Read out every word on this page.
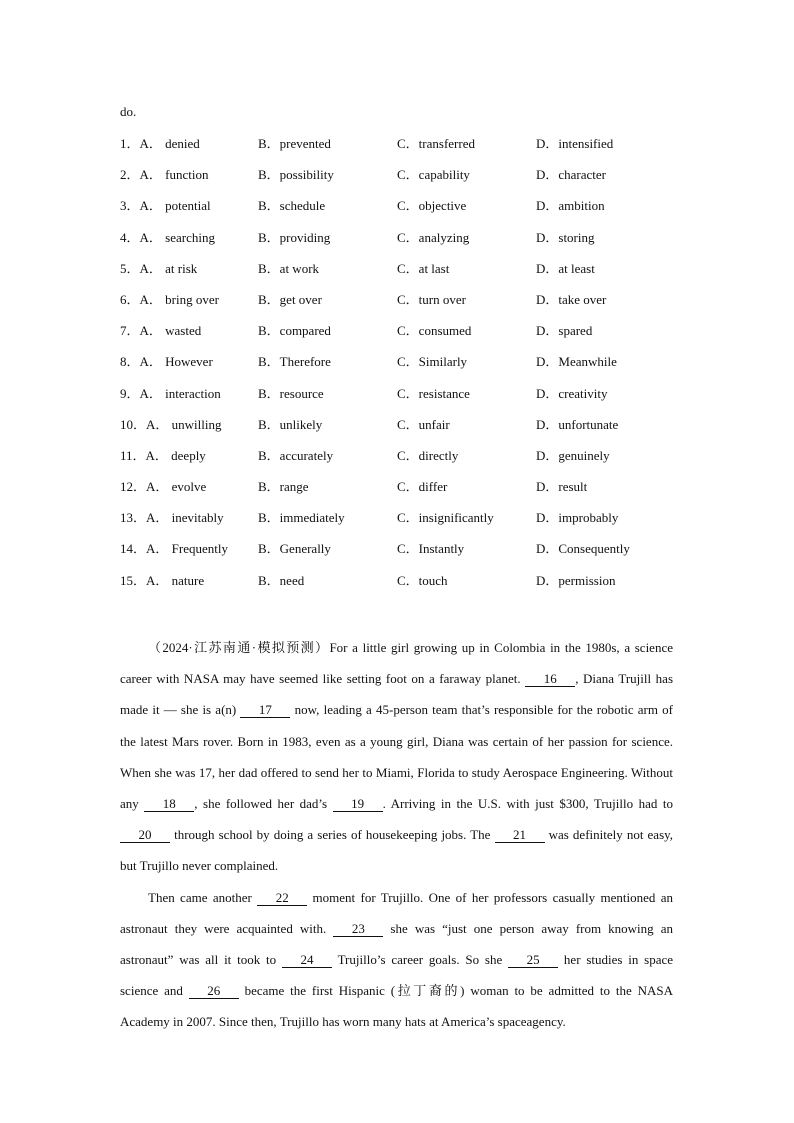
do.
1．A． denied	B．prevented	C．transferred	D．intensified
2．A． function	B．possibility	C．capability	D．character
3．A． potential	B．schedule	C．objective	D．ambition
4．A． searching	B．providing	C．analyzing	D．storing
5．A． at risk	B．at work	C．at last	D．at least
6．A． bring over	B．get over	C．turn over	D．take over
7．A． wasted	B．compared	C．consumed	D．spared
8．A． However	B．Therefore	C．Similarly	D．Meanwhile
9．A． interaction	B．resource	C．resistance	D．creativity
10．A． unwilling	B．unlikely	C．unfair	D．unfortunate
11．A． deeply	B．accurately	C．directly	D．genuinely
12．A． evolve	B．range	C．differ	D．result
13．A． inevitably	B．immediately	C．insignificantly	D．improbably
14．A． Frequently B．Generally	C．Instantly	D．Consequently
15．A． nature	B．need	C．touch	D．permission

（2024·江苏南通·模拟预测）For a little girl growing up in Colombia in the 1980s, a science career with NASA may have seemed like setting foot on a faraway planet. 16 , Diana Trujill has made it — she is a(n) 17 now, leading a 45-person team that’s responsible for the robotic arm of the latest Mars rover. Born in 1983, even as a young girl, Diana was certain of her passion for science. When she was 17, her dad offered to send her to Miami, Florida to study Aerospace Engineering. Without any 18 , she followed her dad’s 19 . Arriving in the U.S. with just $300, Trujillo had to 20 through school by doing a series of housekeeping jobs. The 21 was definitely not easy, but Trujillo never complained.

Then came another 22 moment for Trujillo. One of her professors casually mentioned an astronaut they were acquainted with. 23 she was “just one person away from knowing an astronaut” was all it took to 24 Trujillo’s career goals. So she 25 her studies in space science and 26 became the first Hispanic (拉丁裔的) woman to be admitted to the NASA Academy in 2007. Since then, Trujillo has worn many hats at America’s spaceagency.
